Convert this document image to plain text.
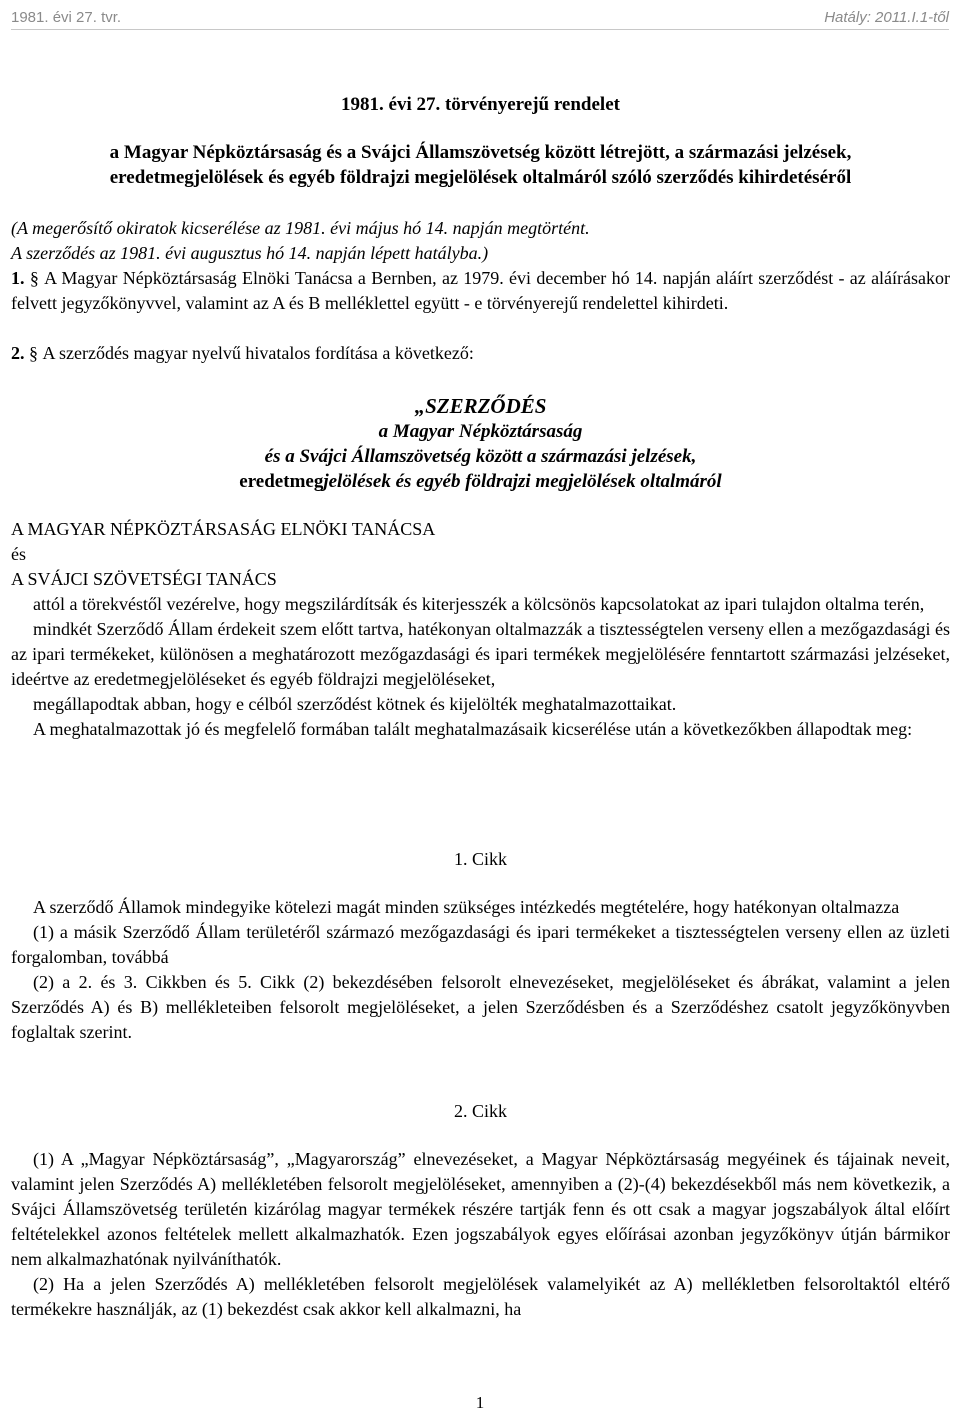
1981. évi 27. tvr.	Hatály: 2011.I.1-től

1981. évi 27. törvényerejű rendelet

a Magyar Népköztársaság és a Svájci Államszövetség között létrejött, a származási jelzések,

eredetmegjelölések és egyéb földrajzi megjelölések oltalmáról szóló szerződés kihirdetéséről

(A megerősítő okiratok kicserélése az 1981. évi május hó 14. napján megtörtént.

A szerződés az 1981. évi augusztus hó 14. napján lépett hatályba.)

1. § A Magyar Népköztársaság Elnöki Tanácsa a Bernben, az 1979. évi december hó 14. napján aláírt szerződést - az aláírásakor felvett jegyzőkönyvvel, valamint az A és B melléklettel együtt - e törvényerejű rendelettel kihirdeti.

2. § A szerződés magyar nyelvű hivatalos fordítása a következő:

„SZERZŐDÉS

a Magyar Népköztársaság

és a Svájci Államszövetség között a származási jelzések,

eredetmegjelölések és egyéb földrajzi megjelölések oltalmáról

A MAGYAR NÉPKÖZTÁRSASÁG ELNÖKI TANÁCSA

és

A SVÁJCI SZÖVETSÉGI TANÁCS

attól a törekvéstől vezérelve, hogy megszilárdítsák és kiterjesszék a kölcsönös kapcsolatokat az ipari tulajdon oltalma terén,

mindkét Szerződő Állam érdekeit szem előtt tartva, hatékonyan oltalmazzák a tisztességtelen verseny ellen a mezőgazdasági és az ipari termékeket, különösen a meghatározott mezőgazdasági és ipari termékek megjelölésére fenntartott származási jelzéseket, ideértve az eredetmegjelöléseket és egyéb földrajzi megjelöléseket,

megállapodtak abban, hogy e célból szerződést kötnek és kijelölték meghatalmazottaikat.

A meghatalmazottak jó és megfelelő formában talált meghatalmazásaik kicserélése után a következőkben állapodtak meg:

1. Cikk

A szerződő Államok mindegyike kötelezi magát minden szükséges intézkedés megtételére, hogy hatékonyan oltalmazza

(1) a másik Szerződő Állam területéről származó mezőgazdasági és ipari termékeket a tisztességtelen verseny ellen az üzleti forgalomban, továbbá

(2) a 2. és 3. Cikkben és 5. Cikk (2) bekezdésében felsorolt elnevezéseket, megjelöléseket és ábrákat, valamint a jelen Szerződés A) és B) mellékleteiben felsorolt megjelöléseket, a jelen Szerződésben és a Szerződéshez csatolt jegyzőkönyvben foglaltak szerint.

2. Cikk

(1) A „Magyar Népköztársaság”, „Magyarország” elnevezéseket, a Magyar Népköztársaság megyéinek és tájainak neveit, valamint jelen Szerződés A) mellékletében felsorolt megjelöléseket, amennyiben a (2)-(4) bekezdésekből más nem következik, a Svájci Államszövetség területén kizárólag magyar termékek részére tartják fenn és ott csak a magyar jogszabályok által előírt feltételekkel azonos feltételek mellett alkalmazhatók. Ezen jogszabályok egyes előírásai azonban jegyzőkönyv útján bármikor nem alkalmazhatónak nyilváníthatók.

(2) Ha a jelen Szerződés A) mellékletében felsorolt megjelölések valamelyikét az A) mellékletben felsoroltaktól eltérő termékekre használják, az (1) bekezdést csak akkor kell alkalmazni, ha

1
